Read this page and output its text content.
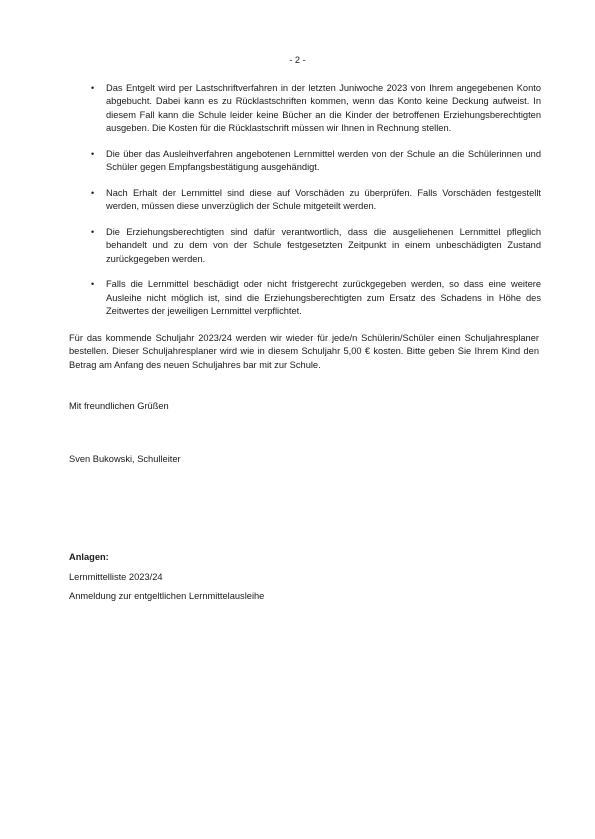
- 2 -
• Das Entgelt wird per Lastschriftverfahren in der letzten Juniwoche 2023 von Ihrem angegebenen Konto abgebucht. Dabei kann es zu Rücklastschriften kommen, wenn das Konto keine Deckung aufweist. In diesem Fall kann die Schule leider keine Bücher an die Kinder der betroffenen Erziehungsberechtigten ausgeben. Die Kosten für die Rücklastschrift müssen wir Ihnen in Rechnung stellen.
• Die über das Ausleihverfahren angebotenen Lernmittel werden von der Schule an die Schülerinnen und Schüler gegen Empfangsbestätigung ausgehändigt.
• Nach Erhalt der Lernmittel sind diese auf Vorschäden zu überprüfen. Falls Vorschäden festgestellt werden, müssen diese unverzüglich der Schule mitgeteilt werden.
• Die Erziehungsberechtigten sind dafür verantwortlich, dass die ausgeliehenen Lernmittel pfleglich behandelt und zu dem von der Schule festgesetzten Zeitpunkt in einem unbeschädigten Zustand zurückgegeben werden.
• Falls die Lernmittel beschädigt oder nicht fristgerecht zurückgegeben werden, so dass eine weitere Ausleihe nicht möglich ist, sind die Erziehungsberechtigten zum Ersatz des Schadens in Höhe des Zeitwertes der jeweiligen Lernmittel verpflichtet.

Für das kommende Schuljahr 2023/24 werden wir wieder für jede/n Schülerin/Schüler einen Schuljahresplaner bestellen. Dieser Schuljahresplaner wird wie in diesem Schuljahr 5,00 € kosten. Bitte geben Sie Ihrem Kind den Betrag am Anfang des neuen Schuljahres bar mit zur Schule.

Mit freundlichen Grüßen

Sven Bukowski, Schulleiter

Anlagen:

Lernmittelliste 2023/24

Anmeldung zur entgeltlichen Lernmittelausleihe
